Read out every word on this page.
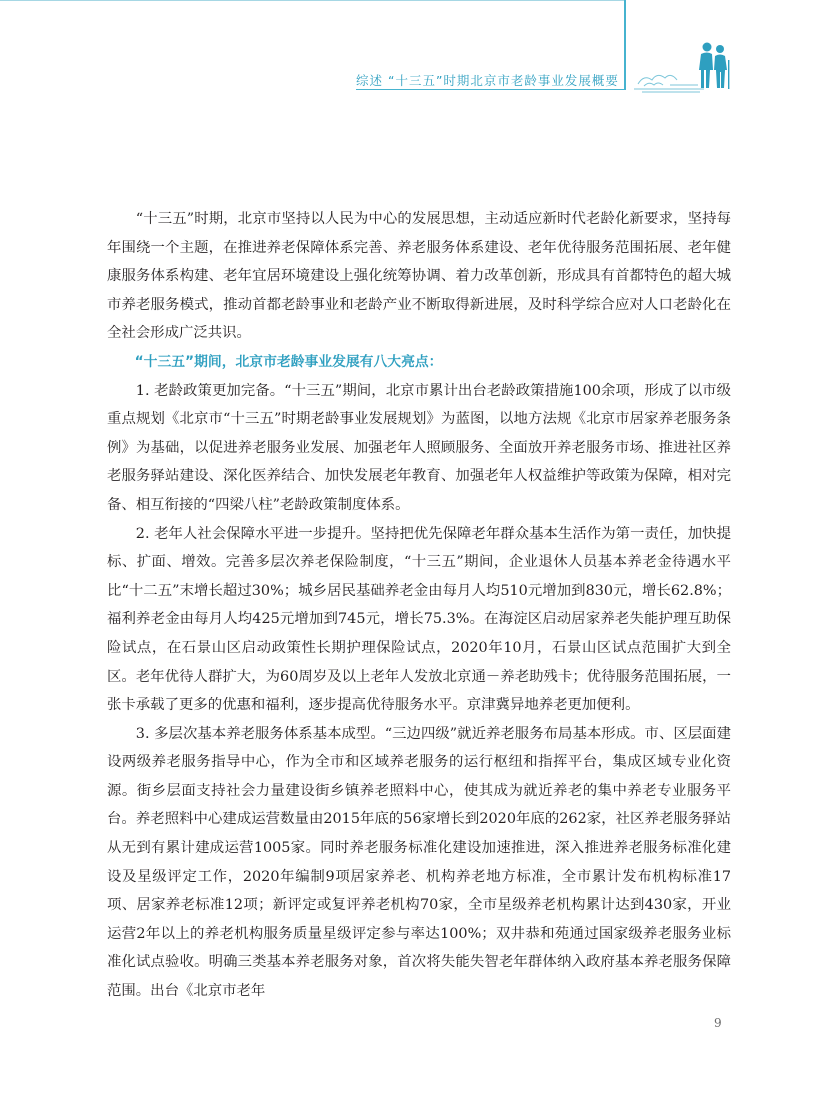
综述 “十三五”时期北京市老龄事业发展概要

“十三五”时期，北京市坚持以人民为中心的发展思想，主动适应新时代老龄化新要求，坚持每年围绕一个主题，在推进养老保障体系完善、养老服务体系建设、老年优待服务范围拓展、老年健康服务体系构建、老年宜居环境建设上强化统筹协调、着力改革创新，形成具有首都特色的超大城市养老服务模式，推动首都老龄事业和老龄产业不断取得新进展，及时科学综合应对人口老龄化在全社会形成广泛共识。

“十三五”期间，北京市老龄事业发展有八大亮点：

1. 老龄政策更加完备。“十三五”期间，北京市累计出台老龄政策措施100余项，形成了以市级重点规划《北京市“十三五”时期老龄事业发展规划》为蓝图，以地方法规《北京市居家养老服务条例》为基础，以促进养老服务业发展、加强老年人照顾服务、全面放开养老服务市场、推进社区养老服务驿站建设、深化医养结合、加快发展老年教育、加强老年人权益维护等政策为保障，相对完备、相互衔接的“四梁八柱”老龄政策制度体系。

2. 老年人社会保障水平进一步提升。坚持把优先保障老年群众基本生活作为第一责任，加快提标、扩面、增效。完善多层次养老保险制度，“十三五”期间，企业退休人员基本养老金待遇水平比“十二五”末增长超过30%；城乡居民基础养老金由每月人均510元增加到830元，增长62.8%；福利养老金由每月人均425元增加到745元，增长75.3%。在海淀区启动居家养老失能护理互助保险试点，在石景山区启动政策性长期护理保险试点，2020年10月，石景山区试点范围扩大到全区。老年优待人群扩大，为60周岁及以上老年人发放北京通－养老助残卡；优待服务范围拓展，一张卡承载了更多的优惠和福利，逐步提高优待服务水平。京津冀异地养老更加便利。

3. 多层次基本养老服务体系基本成型。“三边四级”就近养老服务布局基本形成。市、区层面建设两级养老服务指导中心，作为全市和区域养老服务的运行枢纽和指挥平台，集成区域专业化资源。街乡层面支持社会力量建设街乡镇养老照料中心，使其成为就近养老的集中养老专业服务平台。养老照料中心建成运营数量由2015年底的56家增长到2020年底的262家，社区养老服务驿站从无到有累计建成运营1005家。同时养老服务标准化建设加速推进，深入推进养老服务标准化建设及星级评定工作，2020年编制9项居家养老、机构养老地方标准，全市累计发布机构标准17项、居家养老标准12项；新评定或复评养老机构70家，全市星级养老机构累计达到430家，开业运营2年以上的养老机构服务质量星级评定参与率达100%；双井恭和苑通过国家级养老服务业标准化试点验收。明确三类基本养老服务对象，首次将失能失智老年群体纳入政府基本养老服务保障范围。出台《北京市老年

9
